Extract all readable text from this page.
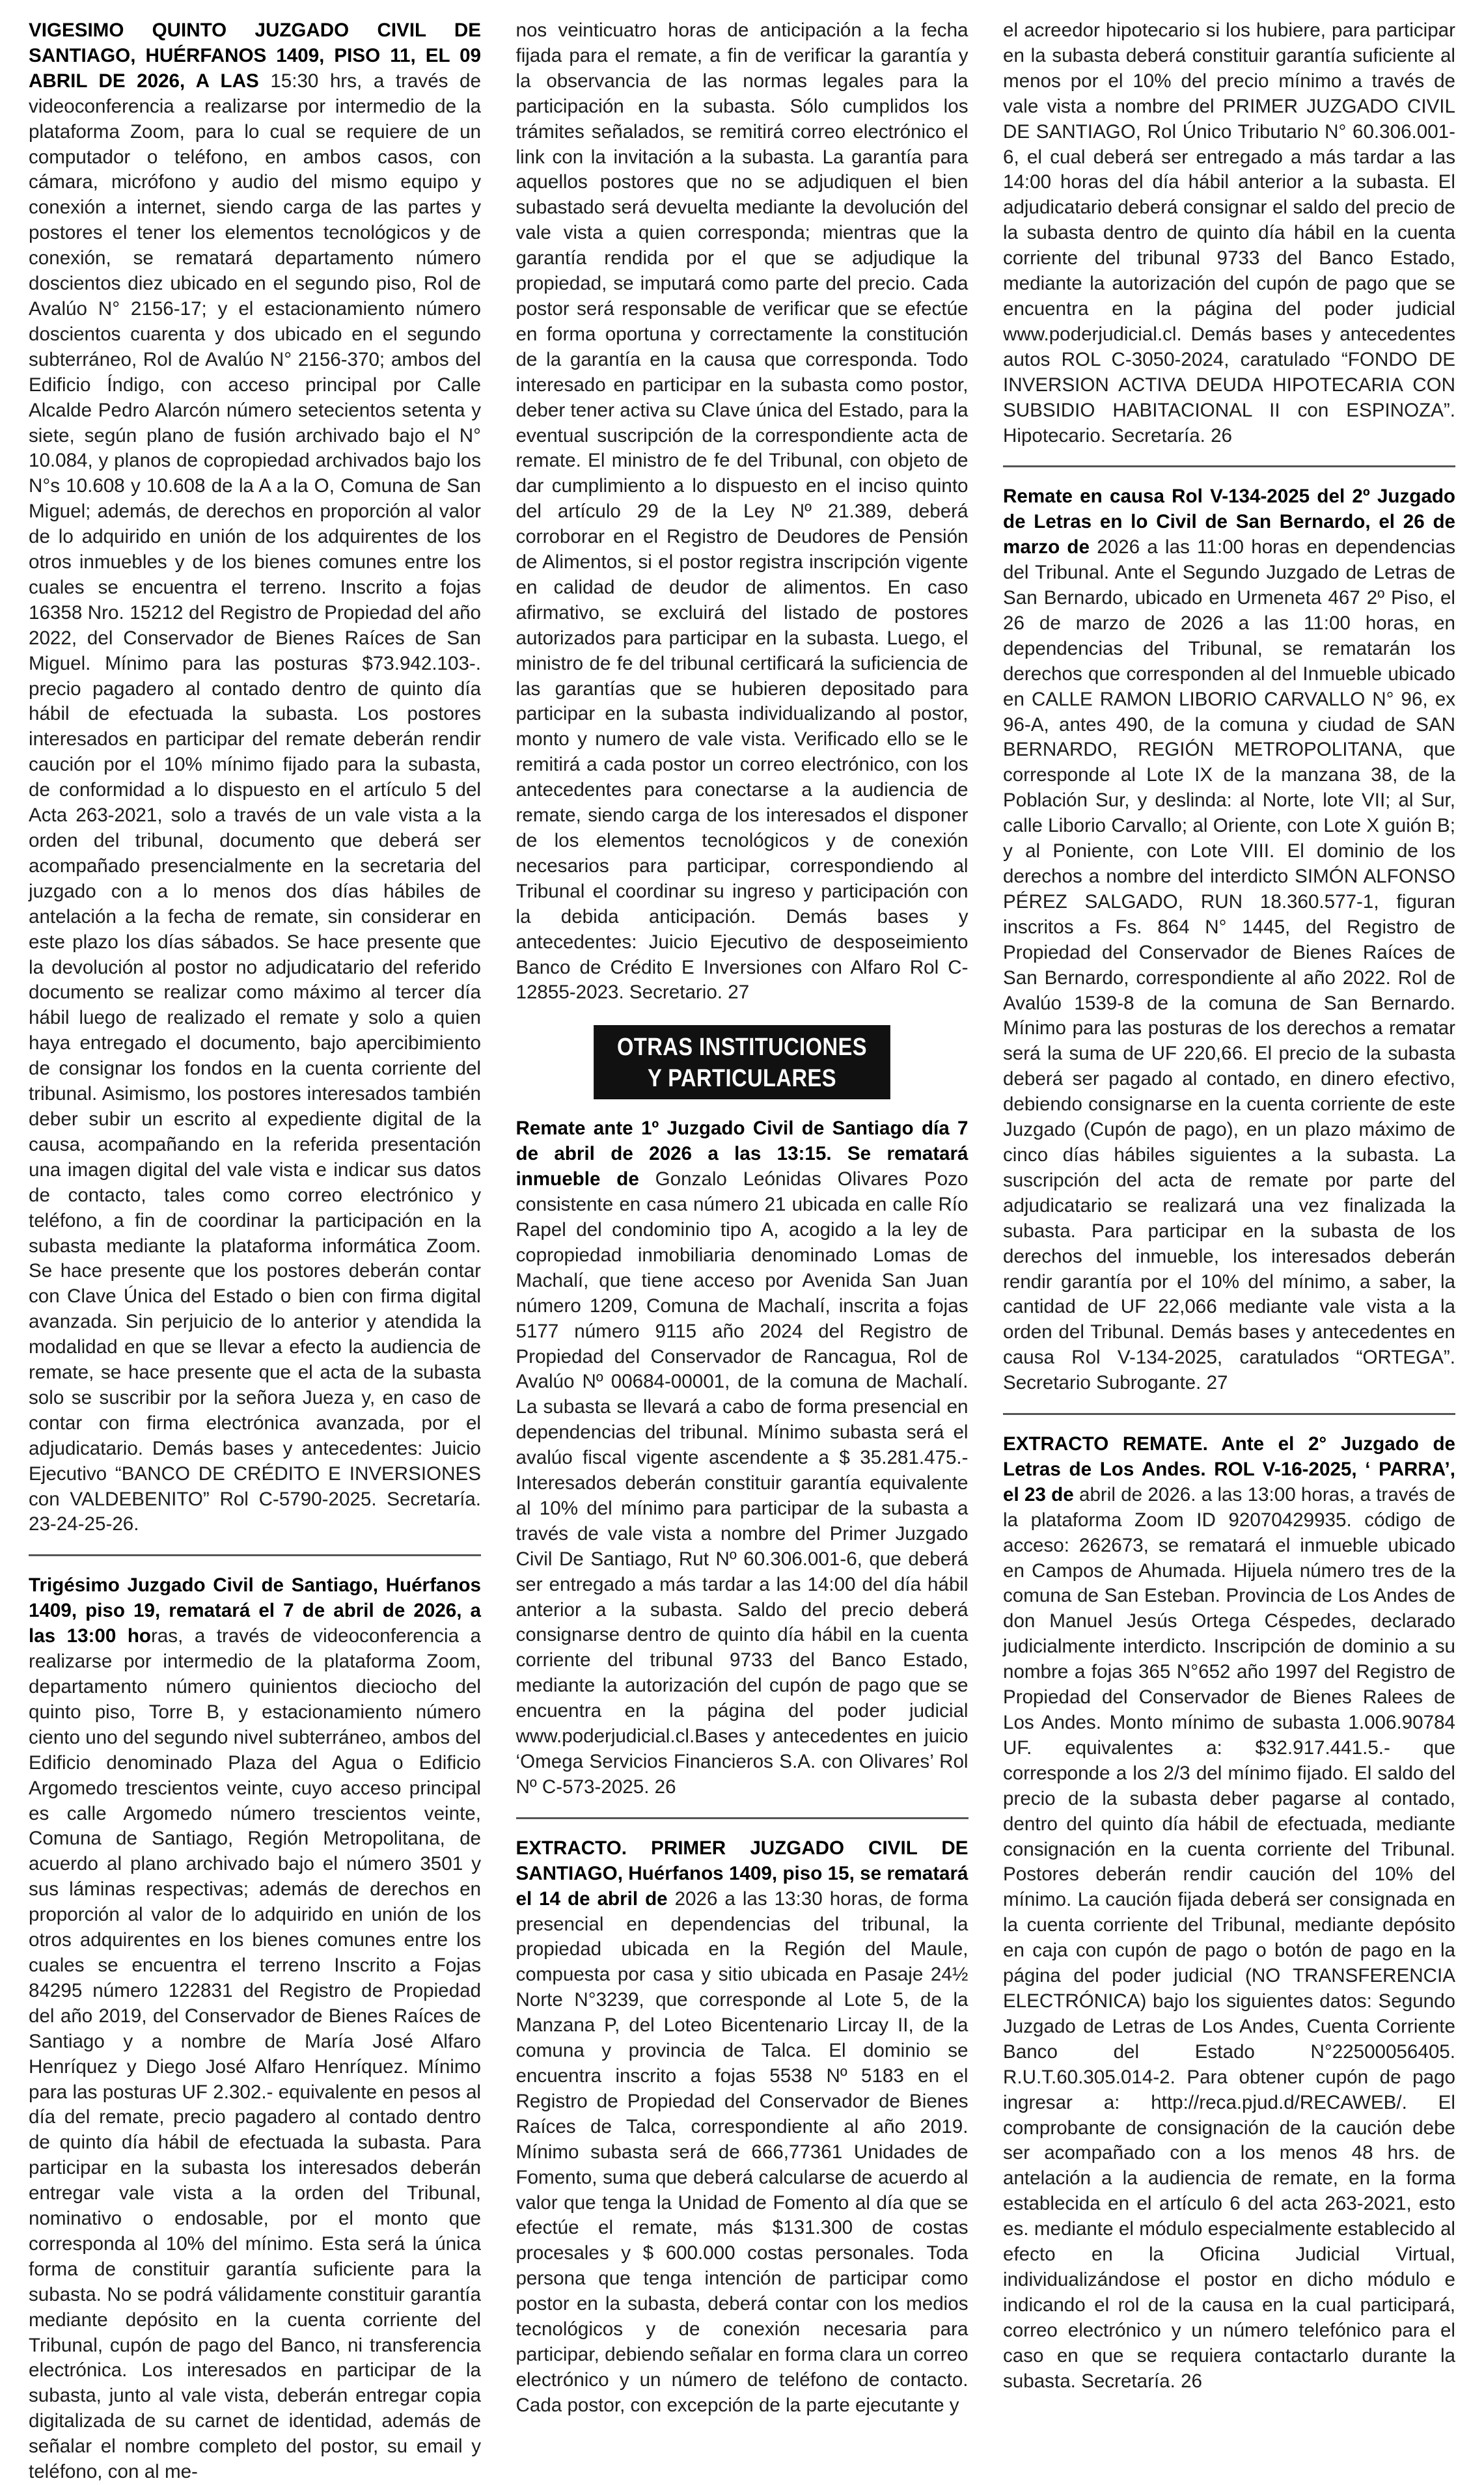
VIGESIMO QUINTO JUZGADO CIVIL DE SANTIAGO, HUÉRFANOS 1409, PISO 11, EL 09 ABRIL DE 2026, A LAS 15:30 hrs, a través de videoconferencia a realizarse por intermedio de la plataforma Zoom, para lo cual se requiere de un computador o teléfono, en ambos casos, con cámara, micrófono y audio del mismo equipo y conexión a internet, siendo carga de las partes y postores el tener los elementos tecnológicos y de conexión, se rematará departamento número doscientos diez ubicado en el segundo piso, Rol de Avalúo N° 2156-17; y el estacionamiento número doscientos cuarenta y dos ubicado en el segundo subterráneo, Rol de Avalúo N° 2156-370; ambos del Edificio Índigo, con acceso principal por Calle Alcalde Pedro Alarcón número setecientos setenta y siete, según plano de fusión archivado bajo el N° 10.084, y planos de copropiedad archivados bajo los N°s 10.608 y 10.608 de la A a la O, Comuna de San Miguel; además, de derechos en proporción al valor de lo adquirido en unión de los adquirentes de los otros inmuebles y de los bienes comunes entre los cuales se encuentra el terreno. Inscrito a fojas 16358 Nro. 15212 del Registro de Propiedad del año 2022, del Conservador de Bienes Raíces de San Miguel. Mínimo para las posturas $73.942.103-. precio pagadero al contado dentro de quinto día hábil de efectuada la subasta. Los postores interesados en participar del remate deberán rendir caución por el 10% mínimo fijado para la subasta, de conformidad a lo dispuesto en el artículo 5 del Acta 263-2021, solo a través de un vale vista a la orden del tribunal, documento que deberá ser acompañado presencialmente en la secretaria del juzgado con a lo menos dos días hábiles de antelación a la fecha de remate, sin considerar en este plazo los días sábados. Se hace presente que la devolución al postor no adjudicatario del referido documento se realizar como máximo al tercer día hábil luego de realizado el remate y solo a quien haya entregado el documento, bajo apercibimiento de consignar los fondos en la cuenta corriente del tribunal. Asimismo, los postores interesados también deber subir un escrito al expediente digital de la causa, acompañando en la referida presentación una imagen digital del vale vista e indicar sus datos de contacto, tales como correo electrónico y teléfono, a fin de coordinar la participación en la subasta mediante la plataforma informática Zoom. Se hace presente que los postores deberán contar con Clave Única del Estado o bien con firma digital avanzada. Sin perjuicio de lo anterior y atendida la modalidad en que se llevar a efecto la audiencia de remate, se hace presente que el acta de la subasta solo se suscribir por la señora Jueza y, en caso de contar con firma electrónica avanzada, por el adjudicatario. Demás bases y antecedentes: Juicio Ejecutivo “BANCO DE CRÉDITO E INVERSIONES con VALDEBENITO” Rol C-5790-2025. Secretaría. 23-24-25-26.

Trigésimo Juzgado Civil de Santiago, Huérfanos 1409, piso 19, rematará el 7 de abril de 2026, a las 13:00 horas, a través de videoconferencia a realizarse por intermedio de la plataforma Zoom, departamento número quinientos dieciocho del quinto piso, Torre B, y estacionamiento número ciento uno del segundo nivel subterráneo, ambos del Edificio denominado Plaza del Agua o Edificio Argomedo trescientos veinte, cuyo acceso principal es calle Argomedo número trescientos veinte, Comuna de Santiago, Región Metropolitana, de acuerdo al plano archivado bajo el número 3501 y sus láminas respectivas; además de derechos en proporción al valor de lo adquirido en unión de los otros adquirentes en los bienes comunes entre los cuales se encuentra el terreno Inscrito a Fojas 84295 número 122831 del Registro de Propiedad del año 2019, del Conservador de Bienes Raíces de Santiago y a nombre de María José Alfaro Henríquez y Diego José Alfaro Henríquez. Mínimo para las posturas UF 2.302.- equivalente en pesos al día del remate, precio pagadero al contado dentro de quinto día hábil de efectuada la subasta. Para participar en la subasta los interesados deberán entregar vale vista a la orden del Tribunal, nominativo o endosable, por el monto que corresponda al 10% del mínimo. Esta será la única forma de constituir garantía suficiente para la subasta. No se podrá válidamente constituir garantía mediante depósito en la cuenta corriente del Tribunal, cupón de pago del Banco, ni transferencia electrónica. Los interesados en participar de la subasta, junto al vale vista, deberán entregar copia digitalizada de su carnet de identidad, además de señalar el nombre completo del postor, su email y teléfono, con al me-

nos veinticuatro horas de anticipación a la fecha fijada para el remate, a fin de verificar la garantía y la observancia de las normas legales para la participación en la subasta. Sólo cumplidos los trámites señalados, se remitirá correo electrónico el link con la invitación a la subasta. La garantía para aquellos postores que no se adjudiquen el bien subastado será devuelta mediante la devolución del vale vista a quien corresponda; mientras que la garantía rendida por el que se adjudique la propiedad, se imputará como parte del precio. Cada postor será responsable de verificar que se efectúe en forma oportuna y correctamente la constitución de la garantía en la causa que corresponda. Todo interesado en participar en la subasta como postor, deber tener activa su Clave única del Estado, para la eventual suscripción de la correspondiente acta de remate. El ministro de fe del Tribunal, con objeto de dar cumplimiento a lo dispuesto en el inciso quinto del artículo 29 de la Ley Nº 21.389, deberá corroborar en el Registro de Deudores de Pensión de Alimentos, si el postor registra inscripción vigente en calidad de deudor de alimentos. En caso afirmativo, se excluirá del listado de postores autorizados para participar en la subasta. Luego, el ministro de fe del tribunal certificará la suficiencia de las garantías que se hubieren depositado para participar en la subasta individualizando al postor, monto y numero de vale vista. Verificado ello se le remitirá a cada postor un correo electrónico, con los antecedentes para conectarse a la audiencia de remate, siendo carga de los interesados el disponer de los elementos tecnológicos y de conexión necesarios para participar, correspondiendo al Tribunal el coordinar su ingreso y participación con la debida anticipación. Demás bases y antecedentes: Juicio Ejecutivo de desposeimiento Banco de Crédito E Inversiones con Alfaro Rol C-12855-2023. Secretario. 27

OTRAS INSTITUCIONES
Y PARTICULARES

Remate ante 1º Juzgado Civil de Santiago día 7 de abril de 2026 a las 13:15. Se rematará inmueble de Gonzalo Leónidas Olivares Pozo consistente en casa número 21 ubicada en calle Río Rapel del condominio tipo A, acogido a la ley de copropiedad inmobiliaria denominado Lomas de Machalí, que tiene acceso por Avenida San Juan número 1209, Comuna de Machalí, inscrita a fojas 5177 número 9115 año 2024 del Registro de Propiedad del Conservador de Rancagua, Rol de Avalúo Nº 00684-00001, de la comuna de Machalí. La subasta se llevará a cabo de forma presencial en dependencias del tribunal. Mínimo subasta será el avalúo fiscal vigente ascendente a $ 35.281.475.- Interesados deberán constituir garantía equivalente al 10% del mínimo para participar de la subasta a través de vale vista a nombre del Primer Juzgado Civil De Santiago, Rut Nº 60.306.001-6, que deberá ser entregado a más tardar a las 14:00 del día hábil anterior a la subasta. Saldo del precio deberá consignarse dentro de quinto día hábil en la cuenta corriente del tribunal 9733 del Banco Estado, mediante la autorización del cupón de pago que se encuentra en la página del poder judicial www.poderjudicial.cl.Bases y antecedentes en juicio ‘Omega Servicios Financieros S.A. con Olivares’ Rol Nº C-573-2025. 26

EXTRACTO. PRIMER JUZGADO CIVIL DE SANTIAGO, Huérfanos 1409, piso 15, se rematará el 14 de abril de 2026 a las 13:30 horas, de forma presencial en dependencias del tribunal, la propiedad ubicada en la Región del Maule, compuesta por casa y sitio ubicada en Pasaje 24½ Norte N°3239, que corresponde al Lote 5, de la Manzana P, del Loteo Bicentenario Lircay II, de la comuna y provincia de Talca. El dominio se encuentra inscrito a fojas 5538 Nº 5183 en el Registro de Propiedad del Conservador de Bienes Raíces de Talca, correspondiente al año 2019. Mínimo subasta será de 666,77361 Unidades de Fomento, suma que deberá calcularse de acuerdo al valor que tenga la Unidad de Fomento al día que se efectúe el remate, más $131.300 de costas procesales y $ 600.000 costas personales. Toda persona que tenga intención de participar como postor en la subasta, deberá contar con los medios tecnológicos y de conexión necesaria para participar, debiendo señalar en forma clara un correo electrónico y un número de teléfono de contacto. Cada postor, con excepción de la parte ejecutante y

el acreedor hipotecario si los hubiere, para participar en la subasta deberá constituir garantía suficiente al menos por el 10% del precio mínimo a través de vale vista a nombre del PRIMER JUZGADO CIVIL DE SANTIAGO, Rol Único Tributario N° 60.306.001-6, el cual deberá ser entregado a más tardar a las 14:00 horas del día hábil anterior a la subasta. El adjudicatario deberá consignar el saldo del precio de la subasta dentro de quinto día hábil en la cuenta corriente del tribunal 9733 del Banco Estado, mediante la autorización del cupón de pago que se encuentra en la página del poder judicial www.poderjudicial.cl. Demás bases y antecedentes autos ROL C-3050-2024, caratulado “FONDO DE INVERSION ACTIVA DEUDA HIPOTECARIA CON SUBSIDIO HABITACIONAL II con ESPINOZA”. Hipotecario. Secretaría. 26

Remate en causa Rol V-134-2025 del 2º Juzgado de Letras en lo Civil de San Bernardo, el 26 de marzo de 2026 a las 11:00 horas en dependencias del Tribunal. Ante el Segundo Juzgado de Letras de San Bernardo, ubicado en Urmeneta 467 2º Piso, el 26 de marzo de 2026 a las 11:00 horas, en dependencias del Tribunal, se rematarán los derechos que corresponden al del Inmueble ubicado en CALLE RAMON LIBORIO CARVALLO N° 96, ex 96-A, antes 490, de la comuna y ciudad de SAN BERNARDO, REGIÓN METROPOLITANA, que corresponde al Lote IX de la manzana 38, de la Población Sur, y deslinda: al Norte, lote VII; al Sur, calle Liborio Carvallo; al Oriente, con Lote X guión B; y al Poniente, con Lote VIII. El dominio de los derechos a nombre del interdicto SIMÓN ALFONSO PÉREZ SALGADO, RUN 18.360.577-1, figuran inscritos a Fs. 864 N° 1445, del Registro de Propiedad del Conservador de Bienes Raíces de San Bernardo, correspondiente al año 2022. Rol de Avalúo 1539-8 de la comuna de San Bernardo. Mínimo para las posturas de los derechos a rematar será la suma de UF 220,66. El precio de la subasta deberá ser pagado al contado, en dinero efectivo, debiendo consignarse en la cuenta corriente de este Juzgado (Cupón de pago), en un plazo máximo de cinco días hábiles siguientes a la subasta. La suscripción del acta de remate por parte del adjudicatario se realizará una vez finalizada la subasta. Para participar en la subasta de los derechos del inmueble, los interesados deberán rendir garantía por el 10% del mínimo, a saber, la cantidad de UF 22,066 mediante vale vista a la orden del Tribunal. Demás bases y antecedentes en causa Rol V-134-2025, caratulados “ORTEGA”. Secretario Subrogante. 27

EXTRACTO REMATE. Ante el 2° Juzgado de Letras de Los Andes. ROL V-16-2025, ‘ PARRA’, el 23 de abril de 2026. a las 13:00 horas, a través de la plataforma Zoom ID 92070429935. código de acceso: 262673, se rematará el inmueble ubicado en Campos de Ahumada. Hijuela número tres de la comuna de San Esteban. Provincia de Los Andes de don Manuel Jesús Ortega Céspedes, declarado judicialmente interdicto. Inscripción de dominio a su nombre a fojas 365 N°652 año 1997 del Registro de Propiedad del Conservador de Bienes Ralees de Los Andes. Monto mínimo de subasta 1.006.90784 UF. equivalentes a: $32.917.441.5.- que corresponde a los 2/3 del mínimo fijado. El saldo del precio de la subasta deber pagarse al contado, dentro del quinto día hábil de efectuada, mediante consignación en la cuenta corriente del Tribunal. Postores deberán rendir caución del 10% del mínimo. La caución fijada deberá ser consignada en la cuenta corriente del Tribunal, mediante depósito en caja con cupón de pago o botón de pago en la página del poder judicial (NO TRANSFERENCIA ELECTRÓNICA) bajo los siguientes datos: Segundo Juzgado de Letras de Los Andes, Cuenta Corriente Banco del Estado N°22500056405. R.U.T.60.305.014-2. Para obtener cupón de pago ingresar a: http://reca.pjud.d/RECAWEB/. El comprobante de consignación de la caución debe ser acompañado con a los menos 48 hrs. de antelación a la audiencia de remate, en la forma establecida en el artículo 6 del acta 263-2021, esto es. mediante el módulo especialmente establecido al efecto en la Oficina Judicial Virtual, individualizándose el postor en dicho módulo e indicando el rol de la causa en la cual participará, correo electrónico y un número telefónico para el caso en que se requiera contactarlo durante la subasta. Secretaría. 26
